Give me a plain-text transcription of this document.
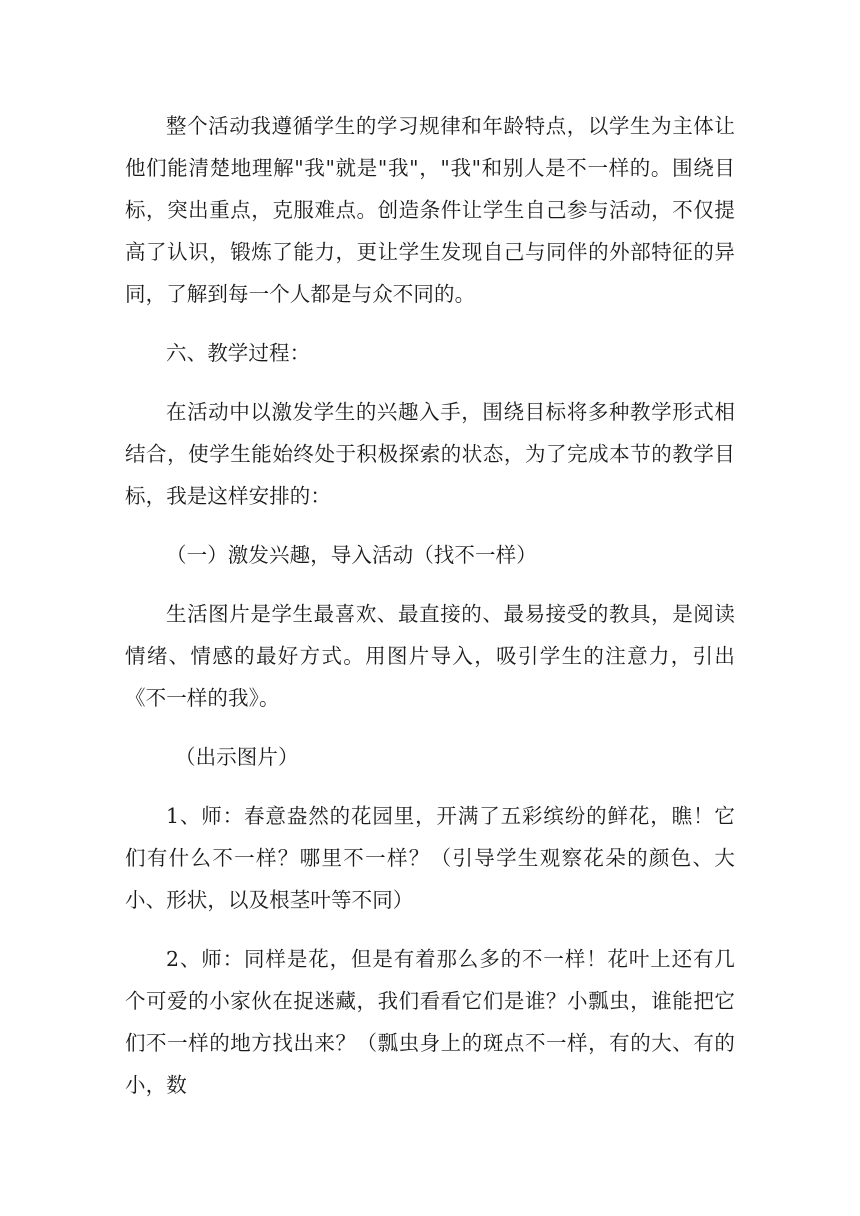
整个活动我遵循学生的学习规律和年龄特点，以学生为主体让他们能清楚地理解"我"就是"我"，"我"和别人是不一样的。围绕目标，突出重点，克服难点。创造条件让学生自己参与活动，不仅提高了认识，锻炼了能力，更让学生发现自己与同伴的外部特征的异同，了解到每一个人都是与众不同的。

六、教学过程：

在活动中以激发学生的兴趣入手，围绕目标将多种教学形式相结合，使学生能始终处于积极探索的状态，为了完成本节的教学目标，我是这样安排的：

（一）激发兴趣，导入活动（找不一样）

生活图片是学生最喜欢、最直接的、最易接受的教具，是阅读情绪、情感的最好方式。用图片导入，吸引学生的注意力，引出《不一样的我》。

（出示图片）

1、师：春意盎然的花园里，开满了五彩缤纷的鲜花，瞧！它们有什么不一样？哪里不一样？（引导学生观察花朵的颜色、大小、形状，以及根茎叶等不同）

2、师：同样是花，但是有着那么多的不一样！花叶上还有几个可爱的小家伙在捉迷藏，我们看看它们是谁？小瓢虫，谁能把它们不一样的地方找出来？（瓢虫身上的斑点不一样，有的大、有的小，数
